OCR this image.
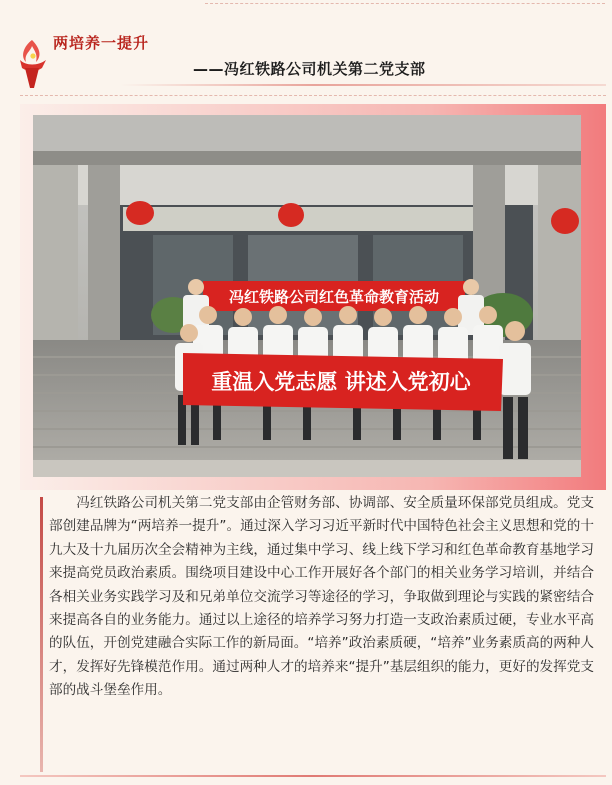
两培养一提升
——冯红铁路公司机关第二党支部
冯红铁路公司红色革命教育活动
重温入党志愿 讲述入党初心

冯红铁路公司机关第二党支部由企管财务部、协调部、安全质量环保部党员组成。党支部创建品牌为“两培养一提升”。通过深入学习习近平新时代中国特色社会主义思想和党的十九大及十九届历次全会精神为主线，通过集中学习、线上线下学习和红色革命教育基地学习来提高党员政治素质。围绕项目建设中心工作开展好各个部门的相关业务学习培训，并结合各相关业务实践学习及和兄弟单位交流学习等途径的学习，争取做到理论与实践的紧密结合来提高各自的业务能力。通过以上途径的培养学习努力打造一支政治素质过硬，专业水平高的队伍，开创党建融合实际工作的新局面。“培养”政治素质硬，“培养”业务素质高的两种人才，发挥好先锋模范作用。通过两种人才的培养来“提升”基层组织的能力，更好的发挥党支部的战斗堡垒作用。
